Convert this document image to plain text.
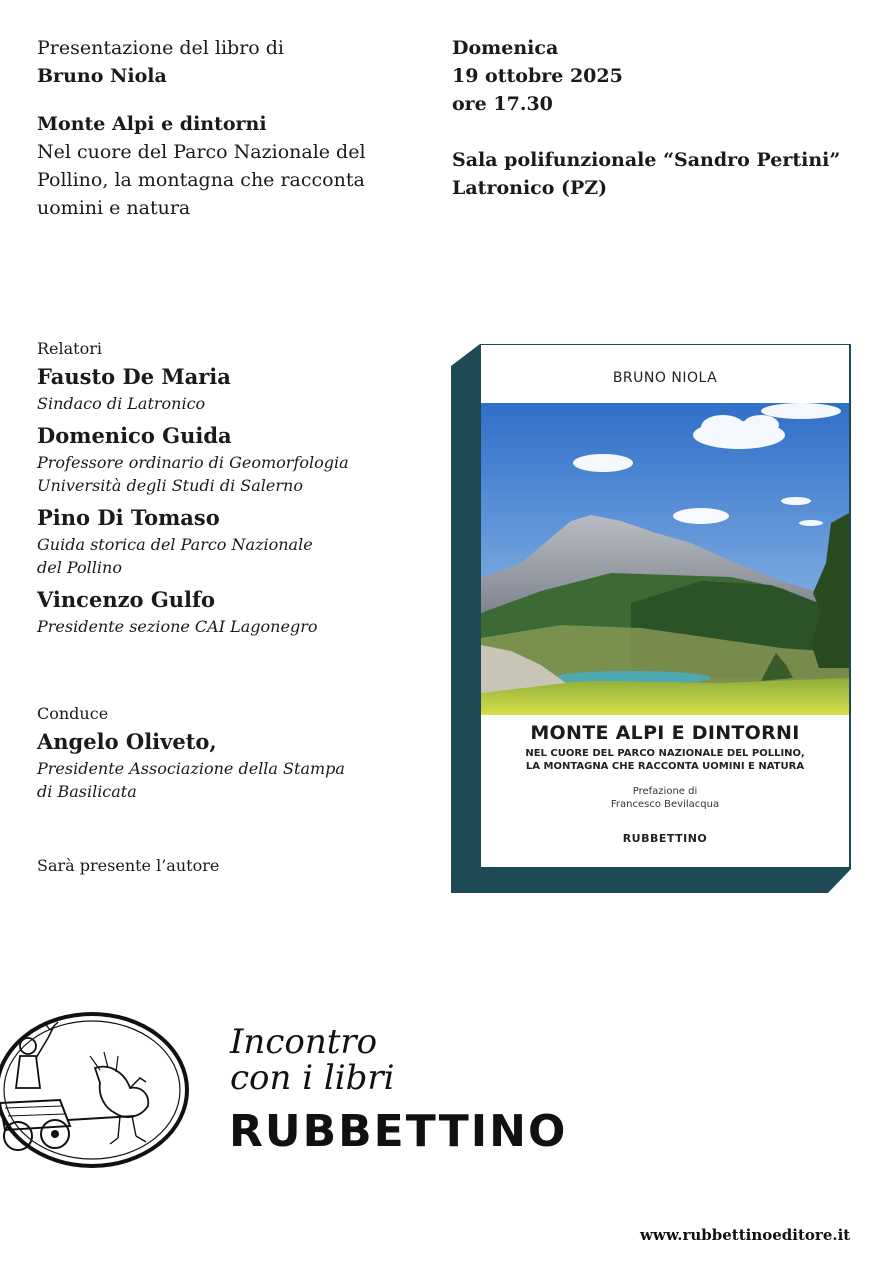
Presentazione del libro di
Bruno Niola
Monte Alpi e dintorni
Nel cuore del Parco Nazionale del
Pollino, la montagna che racconta
uomini e natura
Domenica
19 ottobre 2025
ore 17.30
Sala polifunzionale “Sandro Pertini”
Latronico (PZ)
Relatori
Fausto De Maria
Sindaco di Latronico
Domenico Guida
Professore ordinario di Geomorfologia
Università degli Studi di Salerno
Pino Di Tomaso
Guida storica del Parco Nazionale
del Pollino
Vincenzo Gulfo
Presidente sezione CAI Lagonegro
Conduce
Angelo Oliveto,
Presidente Associazione della Stampa
di Basilicata
Sarà presente l’autore
BRUNO NIOLA
MONTE ALPI E DINTORNI
NEL CUORE DEL PARCO NAZIONALE DEL POLLINO,
LA MONTAGNA CHE RACCONTA UOMINI E NATURA
Prefazione di
Francesco Bevilacqua
RUBBETTINO
Incontro
con i libri
RUBBETTINO
www.rubbettinoeditore.it
